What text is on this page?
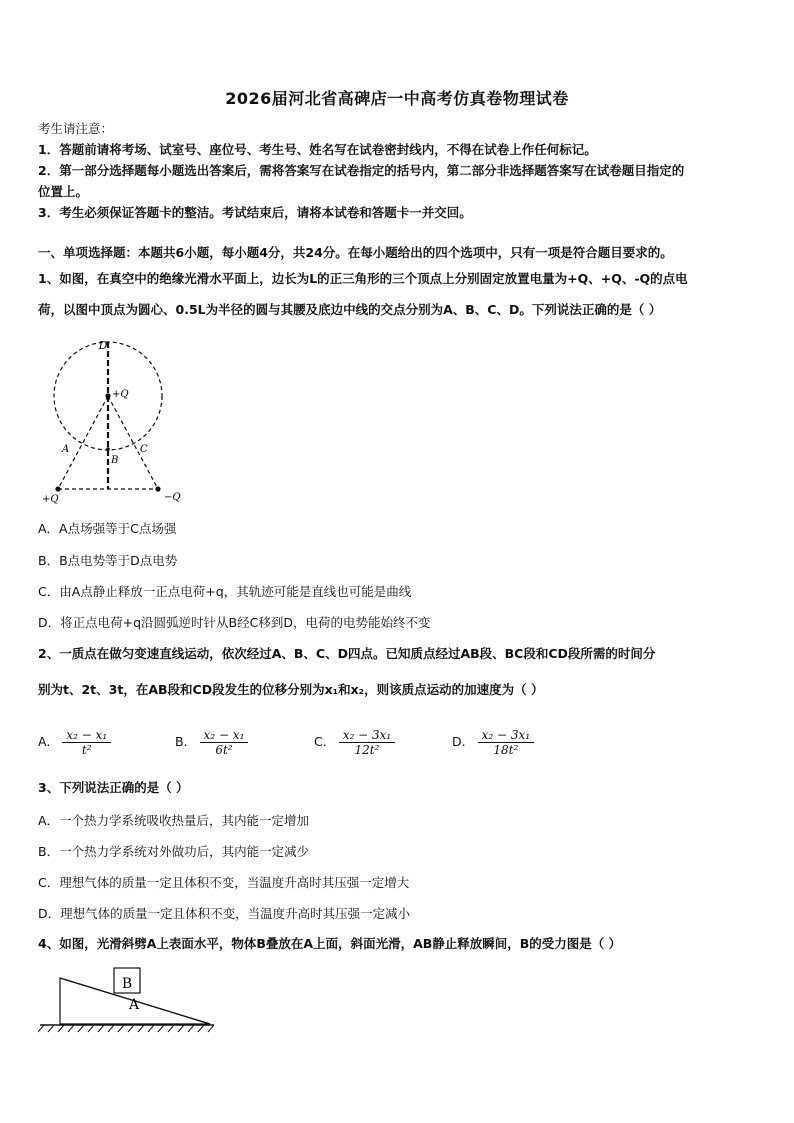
2026届河北省高碑店一中高考仿真卷物理试卷
考生请注意：
1．答题前请将考场、试室号、座位号、考生号、姓名写在试卷密封线内，不得在试卷上作任何标记。
2．第一部分选择题每小题选出答案后，需将答案写在试卷指定的括号内，第二部分非选择题答案写在试卷题目指定的
位置上。
3．考生必须保证答题卡的整洁。考试结束后，请将本试卷和答题卡一并交回。
一、单项选择题：本题共6小题，每小题4分，共24分。在每小题给出的四个选项中，只有一项是符合题目要求的。
1、如图，在真空中的绝缘光滑水平面上，边长为L的正三角形的三个顶点上分别固定放置电量为+Q、+Q、-Q的点电
荷，以图中顶点为圆心、0.5L为半径的圆与其腰及底边中线的交点分别为A、B、C、D。下列说法正确的是（ ）
D
+Q
A
B
C
+Q	−Q
A．A点场强等于C点场强
B．B点电势等于D点电势
C．由A点静止释放一正点电荷+q，其轨迹可能是直线也可能是曲线
D．将正点电荷+q沿圆弧逆时针从B经C移到D，电荷的电势能始终不变
2、一质点在做匀变速直线运动，依次经过A、B、C、D四点。已知质点经过AB段、BC段和CD段所需的时间分
别为t、2t、3t，在AB段和CD段发生的位移分别为x₁和x₂，则该质点运动的加速度为（ ）
A. $\frac{\text{x₂ − x₁}}{\text{t²}}$	B. $\frac{\text{x₂ − x₁}}{\text{6t²}}$	C. $\frac{\text{x₂ − 3x₁}}{\text{12t²}}$	D. $\frac{\text{x₂ − 3x₁}}{\text{18t²}}$
3、下列说法正确的是（ ）
A．一个热力学系统吸收热量后，其内能一定增加
B．一个热力学系统对外做功后，其内能一定减少
C．理想气体的质量一定且体积不变，当温度升高时其压强一定增大
D．理想气体的质量一定且体积不变，当温度升高时其压强一定减小
4、如图，光滑斜劈A上表面水平，物体B叠放在A上面，斜面光滑，AB静止释放瞬间，B的受力图是（ ）
B
A
